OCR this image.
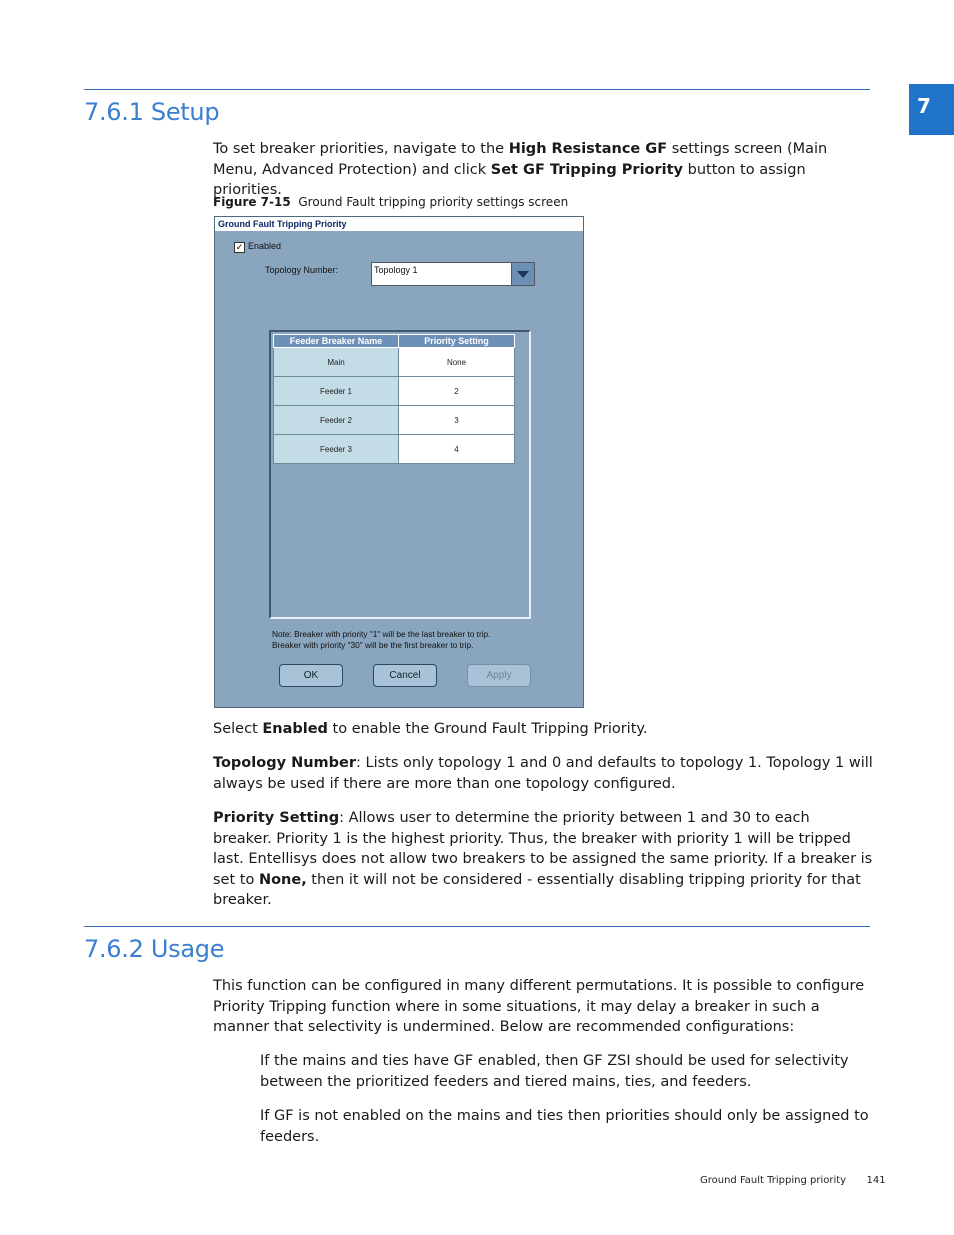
7
7.6.1 Setup

To set breaker priorities, navigate to the High Resistance GF settings screen (Main Menu, Advanced Protection) and click Set GF Tripping Priority button to assign priorities.

Figure 7-15 Ground Fault tripping priority settings screen
Ground Fault Tripping Priority
✓ Enabled
Topology Number:	Topology 1
Feeder Breaker Name	Priority Setting
Main	None
Feeder 1	2
Feeder 2	3
Feeder 3	4
Note: Breaker with priority "1" will be the last breaker to trip.
Breaker with priority "30" will be the first breaker to trip.
OK	Cancel	Apply

Select Enabled to enable the Ground Fault Tripping Priority.

Topology Number: Lists only topology 1 and 0 and defaults to topology 1. Topology 1 will always be used if there are more than one topology configured.

Priority Setting: Allows user to determine the priority between 1 and 30 to each breaker. Priority 1 is the highest priority. Thus, the breaker with priority 1 will be tripped last. Entellisys does not allow two breakers to be assigned the same priority. If a breaker is set to None, then it will not be considered - essentially disabling tripping priority for that breaker.

7.6.2 Usage

This function can be configured in many different permutations. It is possible to configure Priority Tripping function where in some situations, it may delay a breaker in such a manner that selectivity is undermined. Below are recommended configurations:

If the mains and ties have GF enabled, then GF ZSI should be used for selectivity between the prioritized feeders and tiered mains, ties, and feeders.

If GF is not enabled on the mains and ties then priorities should only be assigned to feeders.

Ground Fault Tripping priority 141
